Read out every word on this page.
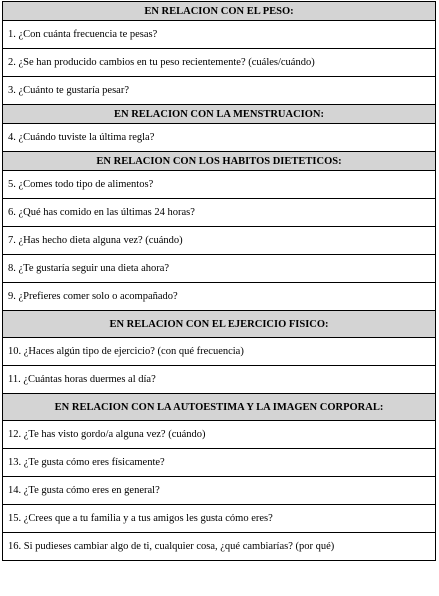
EN RELACION CON EL PESO:
1. ¿Con cuánta frecuencia te pesas?
2. ¿Se han producido cambios en tu peso recientemente? (cuáles/cuándo)
3. ¿Cuánto te gustaría pesar?
EN RELACION CON LA MENSTRUACION:
4. ¿Cuándo tuviste la última regla?
EN RELACION CON LOS HABITOS DIETETICOS:
5. ¿Comes todo tipo de alimentos?
6. ¿Qué has comido en las últimas 24 horas?
7. ¿Has hecho dieta alguna vez? (cuándo)
8. ¿Te gustaría seguir una dieta ahora?
9. ¿Prefieres comer solo o acompañado?
EN RELACION CON EL EJERCICIO FISICO:
10. ¿Haces algún tipo de ejercicio? (con qué frecuencia)
11. ¿Cuántas horas duermes al día?
EN RELACION CON LA AUTOESTIMA Y LA IMAGEN CORPORAL:
12. ¿Te has visto gordo/a alguna vez? (cuándo)
13. ¿Te gusta cómo eres físicamente?
14. ¿Te gusta cómo eres en general?
15. ¿Crees que a tu familia y a tus amigos les gusta cómo eres?
16. Si pudieses cambiar algo de ti, cualquier cosa, ¿qué cambiarías? (por qué)
